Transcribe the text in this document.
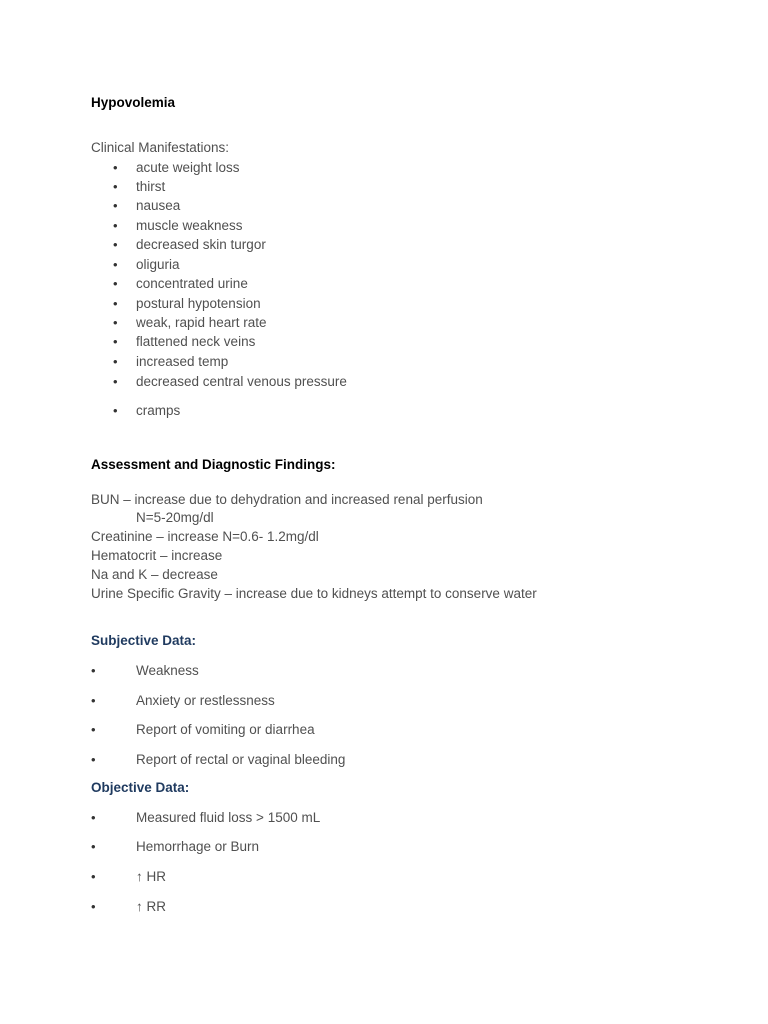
Hypovolemia
Clinical Manifestations:
• acute weight loss
• thirst
• nausea
• muscle weakness
• decreased skin turgor
• oliguria
• concentrated urine
• postural hypotension
• weak, rapid heart rate
• flattened neck veins
• increased temp
• decreased central venous pressure
• cramps
Assessment and Diagnostic Findings:
BUN – increase due to dehydration and increased renal perfusion
N=5-20mg/dl
Creatinine – increase N=0.6- 1.2mg/dl
Hematocrit – increase
Na and K – decrease
Urine Specific Gravity – increase due to kidneys attempt to conserve water
Subjective Data:
•	Weakness
•	Anxiety or restlessness
•	Report of vomiting or diarrhea
•	Report of rectal or vaginal bleeding
Objective Data:
•	Measured fluid loss > 1500 mL
•	Hemorrhage or Burn
•	↑ HR
•	↑ RR
